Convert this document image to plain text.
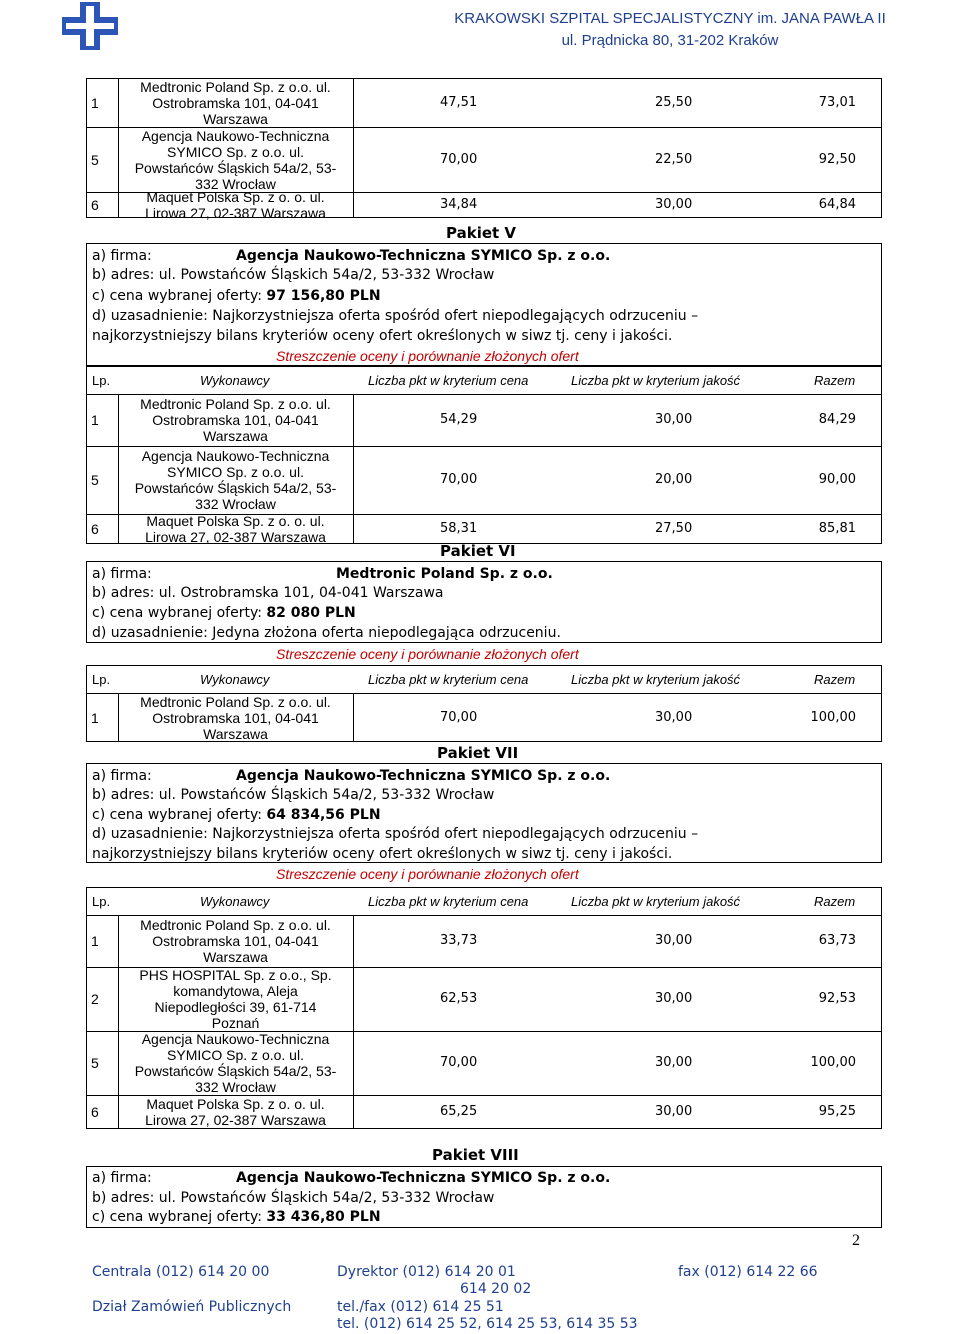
KRAKOWSKI SZPITAL SPECJALISTYCZNY im. JANA PAWŁA II
ul. Prądnicka 80, 31-202 Kraków
1
Medtronic Poland Sp. z o.o. ul.
Ostrobramska 101, 04-041
Warszawa
47,51	25,50	73,01
5
Agencja Naukowo-Techniczna
SYMICO Sp. z o.o. ul.
Powstańców Śląskich 54a/2, 53-
332 Wrocław
70,00	22,50	92,50
6	Maquet Polska Sp. z o. o. ul.
Lirowa 27, 02-387 Warszawa
34,84	30,00	64,84
Pakiet V
a) firma:	Agencja Naukowo-Techniczna SYMICO Sp. z o.o.
b) adres: ul. Powstańców Śląskich 54a/2, 53-332 Wrocław
c) cena wybranej oferty: 97 156,80 PLN
d) uzasadnienie: Najkorzystniejsza oferta spośród ofert niepodlegających odrzuceniu –
najkorzystniejszy bilans kryteriów oceny ofert określonych w siwz tj. ceny i jakości.
Streszczenie oceny i porównanie złożonych ofert
Lp.	Wykonawcy	Liczba pkt w kryterium cena	Liczba pkt w kryterium jakość	Razem
1
Medtronic Poland Sp. z o.o. ul.
Ostrobramska 101, 04-041
Warszawa
54,29	30,00	84,29
5
Agencja Naukowo-Techniczna
SYMICO Sp. z o.o. ul.
Powstańców Śląskich 54a/2, 53-
332 Wrocław
70,00	20,00	90,00
6	Maquet Polska Sp. z o. o. ul.
Lirowa 27, 02-387 Warszawa
58,31	27,50	85,81
Pakiet VI
a) firma:	Medtronic Poland Sp. z o.o.
b) adres: ul. Ostrobramska 101, 04-041 Warszawa
c) cena wybranej oferty: 82 080 PLN
d) uzasadnienie: Jedyna złożona oferta niepodlegająca odrzuceniu.
Streszczenie oceny i porównanie złożonych ofert
Lp.	Wykonawcy	Liczba pkt w kryterium cena	Liczba pkt w kryterium jakość	Razem
1
Medtronic Poland Sp. z o.o. ul.
Ostrobramska 101, 04-041
Warszawa
70,00	30,00	100,00
Pakiet VII
a) firma:	Agencja Naukowo-Techniczna SYMICO Sp. z o.o.
b) adres: ul. Powstańców Śląskich 54a/2, 53-332 Wrocław
c) cena wybranej oferty: 64 834,56 PLN
d) uzasadnienie: Najkorzystniejsza oferta spośród ofert niepodlegających odrzuceniu –
najkorzystniejszy bilans kryteriów oceny ofert określonych w siwz tj. ceny i jakości.
Streszczenie oceny i porównanie złożonych ofert
Lp.	Wykonawcy	Liczba pkt w kryterium cena	Liczba pkt w kryterium jakość	Razem
1
Medtronic Poland Sp. z o.o. ul.
Ostrobramska 101, 04-041
Warszawa
33,73	30,00	63,73
2
PHS HOSPITAL Sp. z o.o., Sp.
komandytowa, Aleja
Niepodległości 39, 61-714
Poznań
62,53	30,00	92,53
5
Agencja Naukowo-Techniczna
SYMICO Sp. z o.o. ul.
Powstańców Śląskich 54a/2, 53-
332 Wrocław
70,00	30,00	100,00
6	Maquet Polska Sp. z o. o. ul.
Lirowa 27, 02-387 Warszawa
65,25	30,00	95,25
Pakiet VIII
a) firma:	Agencja Naukowo-Techniczna SYMICO Sp. z o.o.
b) adres: ul. Powstańców Śląskich 54a/2, 53-332 Wrocław
c) cena wybranej oferty: 33 436,80 PLN
2
Centrala (012) 614 20 00	Dyrektor (012) 614 20 01
614 20 02
fax (012) 614 22 66
Dział Zamówień Publicznych	tel./fax (012) 614 25 51
tel. (012) 614 25 52, 614 25 53, 614 35 53
